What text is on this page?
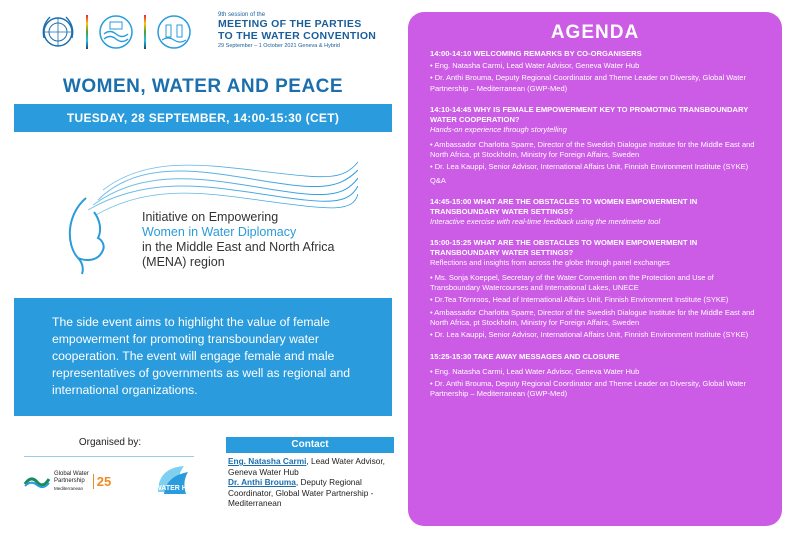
9th session of the
MEETING OF THE PARTIES
TO THE WATER CONVENTION
29 September – 1 October 2021 Geneva & Hybrid
WOMEN, WATER AND PEACE
TUESDAY, 28 SEPTEMBER, 14:00-15:30 (CET)
Initiative on Empowering
Women in Water Diplomacy
in the Middle East and North Africa (MENA) region
The side event aims to highlight the value of female empowerment for promoting transboundary water cooperation. The event will engage female and male representatives of governments as well as regional and international organizations.
Organised by:
Global Water
Partnership
Mediterranean	25	WATER HUB
Contact

Eng. Natasha Carmi, Lead Water Advisor, Geneva Water Hub

Dr. Anthi Brouma, Deputy Regional Coordinator, Global Water Partnership - Mediterranean

AGENDA
14:00-14:10 WELCOMING REMARKS BY CO-ORGANISERS
• Eng. Natasha Carmi, Lead Water Advisor, Geneva Water Hub
• Dr. Anthi Brouma, Deputy Regional Coordinator and Theme Leader on Diversity, Global Water Partnership – Mediterranean (GWP-Med)
14:10-14:45 WHY IS FEMALE EMPOWERMENT KEY TO PROMOTING TRANSBOUNDARY WATER COOPERATION?
Hands-on experience through storytelling
• Ambassador Charlotta Sparre, Director of the Swedish Dialogue Institute for the Middle East and North Africa, pt Stockholm, Ministry for Foreign Affairs, Sweden
• Dr. Lea Kauppi, Senior Advisor, International Affairs Unit, Finnish Environment Institute (SYKE)
Q&A
14:45-15:00 WHAT ARE THE OBSTACLES TO WOMEN EMPOWERMENT IN TRANSBOUNDARY WATER SETTINGS?
Interactive exercise with real-time feedback using the mentimeter tool
15:00-15:25 WHAT ARE THE OBSTACLES TO WOMEN EMPOWERMENT IN TRANSBOUNDARY WATER SETTINGS?
Reflections and insights from across the globe through panel exchanges
• Ms. Sonja Koeppel, Secretary of the Water Convention on the Protection and Use of Transboundary Watercourses and International Lakes, UNECE
• Dr.Tea Törnroos, Head of International Affairs Unit, Finnish Environment Institute (SYKE)
• Ambassador Charlotta Sparre, Director of the Swedish Dialogue Institute for the Middle East and North Africa, pt Stockholm, Ministry for Foreign Affairs, Sweden
• Dr. Lea Kauppi, Senior Advisor, International Affairs Unit, Finnish Environment Institute (SYKE)
15:25-15:30 TAKE AWAY MESSAGES AND CLOSURE
• Eng. Natasha Carmi, Lead Water Advisor, Geneva Water Hub
• Dr. Anthi Brouma, Deputy Regional Coordinator and Theme Leader on Diversity, Global Water Partnership – Mediterranean (GWP-Med)
